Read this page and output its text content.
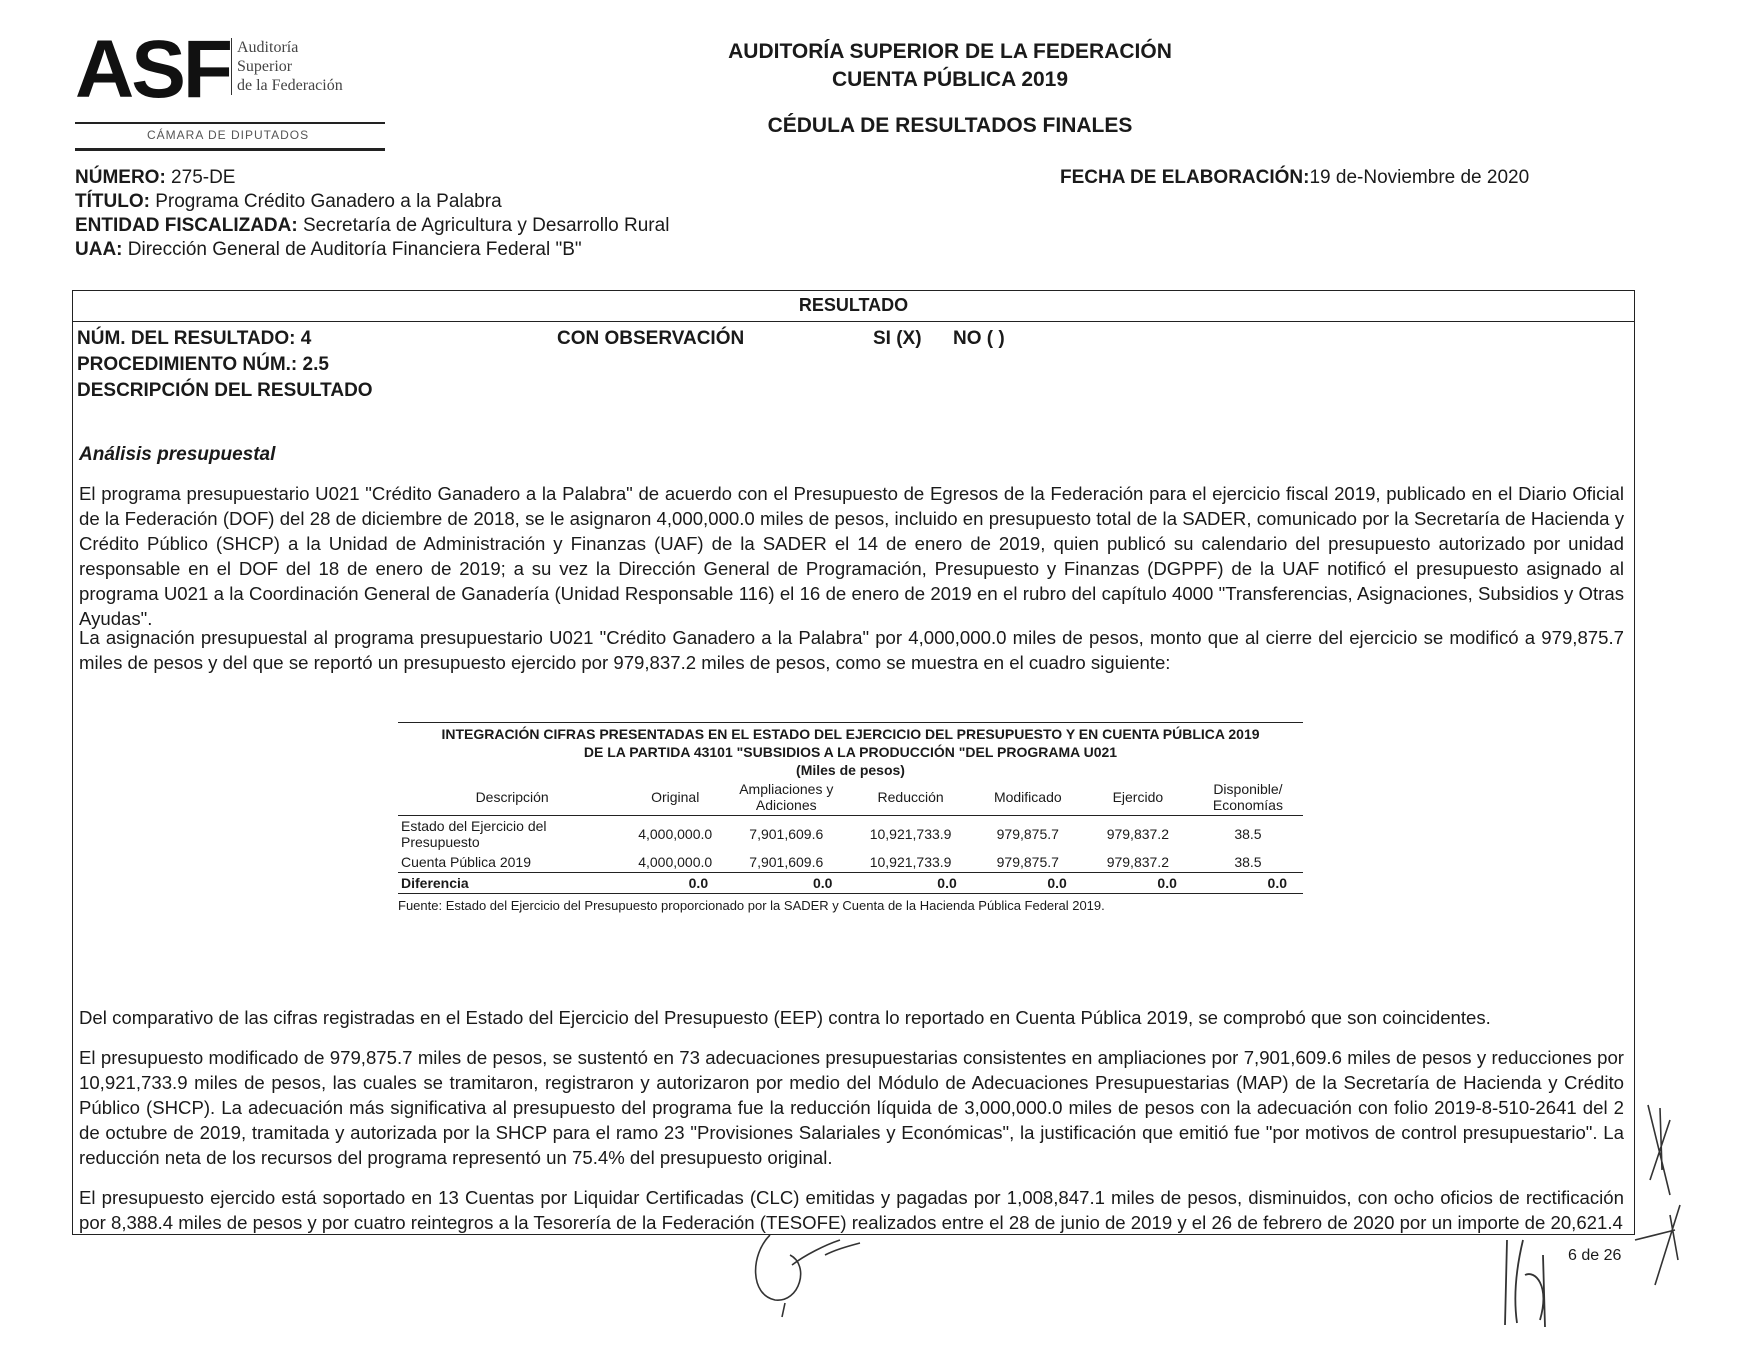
ASF Auditoría
Superior
de la Federación
CÁMARA DE DIPUTADOS
AUDITORÍA SUPERIOR DE LA FEDERACIÓN
CUENTA PÚBLICA 2019
CÉDULA DE RESULTADOS FINALES
NÚMERO: 275-DE
TÍTULO: Programa Crédito Ganadero a la Palabra
ENTIDAD FISCALIZADA: Secretaría de Agricultura y Desarrollo Rural
UAA: Dirección General de Auditoría Financiera Federal "B"
FECHA DE ELABORACIÓN:19 de-Noviembre de 2020
RESULTADO
NÚM. DEL RESULTADO: 4	CON OBSERVACIÓN	SI (X) NO ( )
PROCEDIMIENTO NÚM.: 2.5
DESCRIPCIÓN DEL RESULTADO
Análisis presupuestal
El programa presupuestario U021 "Crédito Ganadero a la Palabra" de acuerdo con el Presupuesto de Egresos de la Federación para el ejercicio fiscal 2019, publicado en el Diario Oficial de la Federación (DOF) del 28 de diciembre de 2018, se le asignaron 4,000,000.0 miles de pesos, incluido en presupuesto total de la SADER, comunicado por la Secretaría de Hacienda y Crédito Público (SHCP) a la Unidad de Administración y Finanzas (UAF) de la SADER el 14 de enero de 2019, quien publicó su calendario del presupuesto autorizado por unidad responsable en el DOF del 18 de enero de 2019; a su vez la Dirección General de Programación, Presupuesto y Finanzas (DGPPF) de la UAF notificó el presupuesto asignado al programa U021 a la Coordinación General de Ganadería (Unidad Responsable 116) el 16 de enero de 2019 en el rubro del capítulo 4000 "Transferencias, Asignaciones, Subsidios y Otras Ayudas".
La asignación presupuestal al programa presupuestario U021 "Crédito Ganadero a la Palabra" por 4,000,000.0 miles de pesos, monto que al cierre del ejercicio se modificó a 979,875.7 miles de pesos y del que se reportó un presupuesto ejercido por 979,837.2 miles de pesos, como se muestra en el cuadro siguiente:
INTEGRACIÓN CIFRAS PRESENTADAS EN EL ESTADO DEL EJERCICIO DEL PRESUPUESTO Y EN CUENTA PÚBLICA 2019
DE LA PARTIDA 43101 "SUBSIDIOS A LA PRODUCCIÓN "DEL PROGRAMA U021
(Miles de pesos)
Descripción	Original	Ampliaciones y Adiciones	Reducción	Modificado	Ejercido	Disponible/ Economías
Estado del Ejercicio del Presupuesto	4,000,000.0	7,901,609.6	10,921,733.9	979,875.7	979,837.2	38.5
Cuenta Pública 2019	4,000,000.0	7,901,609.6	10,921,733.9	979,875.7	979,837.2	38.5
Diferencia	0.0	0.0	0.0	0.0	0.0	0.0
Fuente: Estado del Ejercicio del Presupuesto proporcionado por la SADER y Cuenta de la Hacienda Pública Federal 2019.
Del comparativo de las cifras registradas en el Estado del Ejercicio del Presupuesto (EEP) contra lo reportado en Cuenta Pública 2019, se comprobó que son coincidentes.
El presupuesto modificado de 979,875.7 miles de pesos, se sustentó en 73 adecuaciones presupuestarias consistentes en ampliaciones por 7,901,609.6 miles de pesos y reducciones por 10,921,733.9 miles de pesos, las cuales se tramitaron, registraron y autorizaron por medio del Módulo de Adecuaciones Presupuestarias (MAP) de la Secretaría de Hacienda y Crédito Público (SHCP). La adecuación más significativa al presupuesto del programa fue la reducción líquida de 3,000,000.0 miles de pesos con la adecuación con folio 2019-8-510-2641 del 2 de octubre de 2019, tramitada y autorizada por la SHCP para el ramo 23 "Provisiones Salariales y Económicas", la justificación que emitió fue "por motivos de control presupuestario". La reducción neta de los recursos del programa representó un 75.4% del presupuesto original.
El presupuesto ejercido está soportado en 13 Cuentas por Liquidar Certificadas (CLC) emitidas y pagadas por 1,008,847.1 miles de pesos, disminuidos, con ocho oficios de rectificación por 8,388.4 miles de pesos y por cuatro reintegros a la Tesorería de la Federación (TESOFE) realizados entre el 28 de junio de 2019 y el 26 de febrero de 2020 por un importe de 20,621.4
6 de 26
